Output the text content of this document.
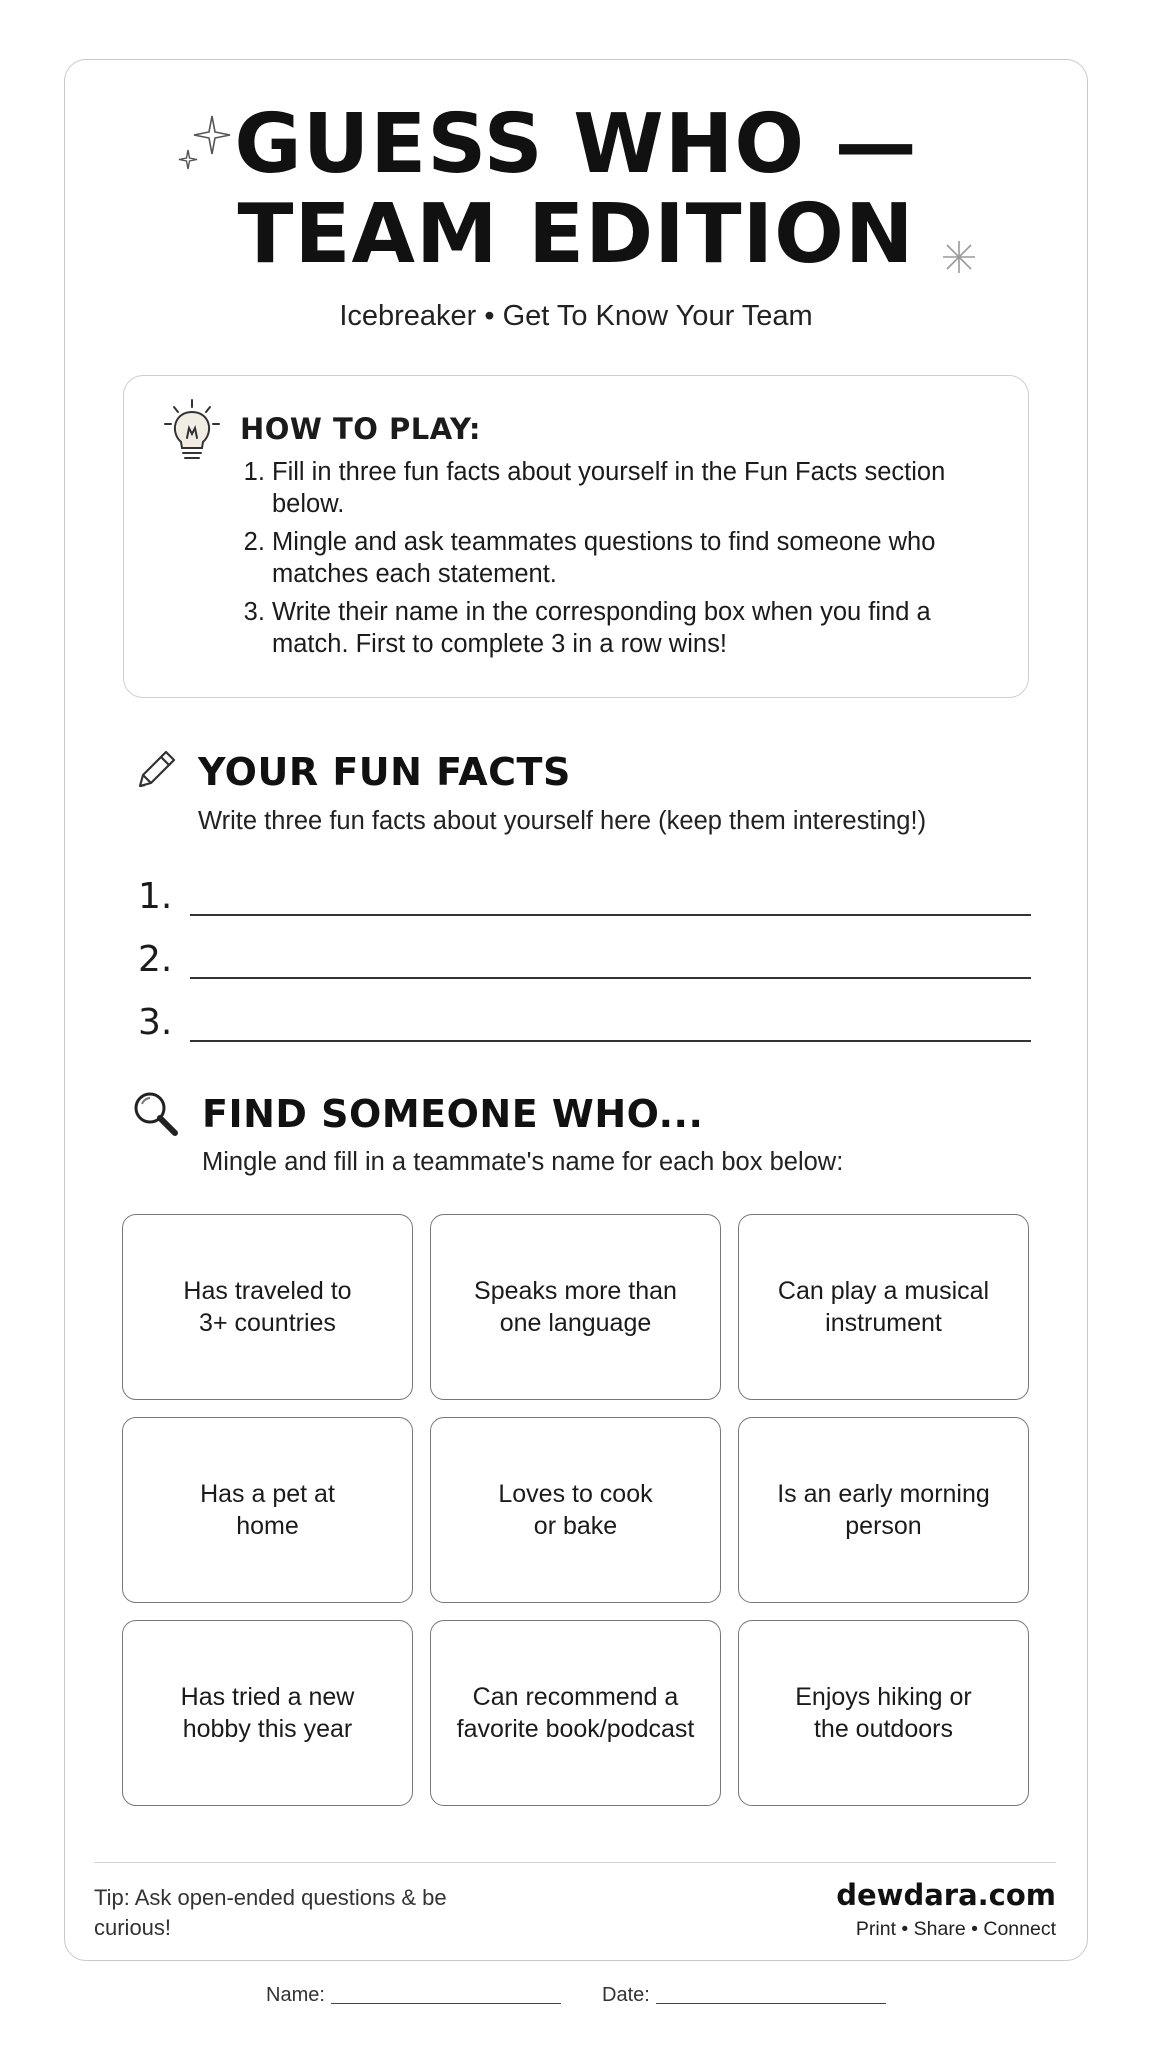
GUESS WHO —
TEAM EDITION
Icebreaker • Get To Know Your Team
HOW TO PLAY:
1. Fill in three fun facts about yourself in the Fun Facts section below.
2. Mingle and ask teammates questions to find someone who matches each statement.
3. Write their name in the corresponding box when you find a match. First to complete 3 in a row wins!
YOUR FUN FACTS
Write three fun facts about yourself here (keep them interesting!)
1.
2.
3.
FIND SOMEONE WHO...
Mingle and fill in a teammate's name for each box below:
Has traveled to
3+ countries
Speaks more than
one language
Can play a musical
instrument
Has a pet at
home
Loves to cook
or bake
Is an early morning
person
Has tried a new
hobby this year
Can recommend a
favorite book/podcast
Enjoys hiking or
the outdoors
Tip: Ask open-ended questions & be curious!
dewdara.com
Print • Share • Connect
Name:	Date:
